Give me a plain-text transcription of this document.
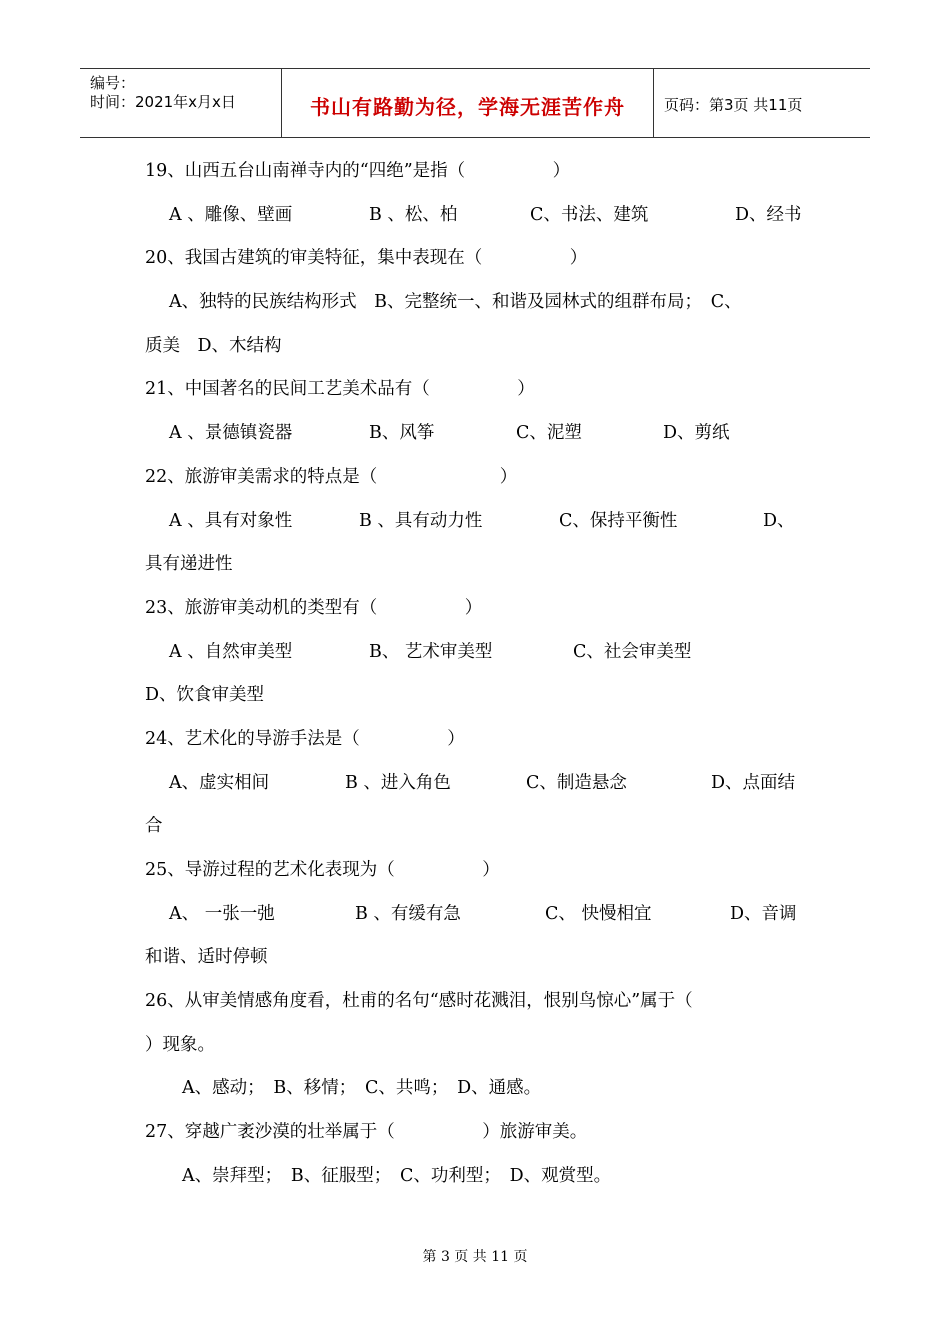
编号：
时间：2021年x月x日	书山有路勤为径，学海无涯苦作舟	页码：第3页 共11页
19、山西五台山南禅寺内的“四绝”是指（　　　　　）
A 、雕像、壁画	B 、松、柏	C、书法、建筑	D、经书
20、我国古建筑的审美特征，集中表现在（　　　　　）
A、独特的民族结构形式　B、完整统一、和谐及园林式的组群布局；　C、
质美　D、木结构
21、中国著名的民间工艺美术品有（　　　　　）
A 、景德镇瓷器	B、风筝	C、泥塑	D、剪纸
22、旅游审美需求的特点是（　　　　　　　）
A 、具有对象性	B 、具有动力性	C、保持平衡性	D、
具有递进性
23、旅游审美动机的类型有（　　　　　）
A 、自然审美型	B、 艺术审美型	C、社会审美型
D、饮食审美型
24、艺术化的导游手法是（　　　　　）
A、虚实相间	B 、进入角色	C、制造悬念	D、点面结
合
25、导游过程的艺术化表现为（　　　　　）
A、 一张一弛	B 、有缓有急	C、 快慢相宜	D、音调
和谐、适时停顿
26、从审美情感角度看，杜甫的名句“感时花溅泪，恨别鸟惊心”属于（
）现象。
A、感动；　B、移情；　C、共鸣；　D、通感。
27、穿越广袤沙漠的壮举属于（　　　　　）旅游审美。
A、崇拜型；　B、征服型；　C、功利型；　D、观赏型。
第 3 页 共 11 页
